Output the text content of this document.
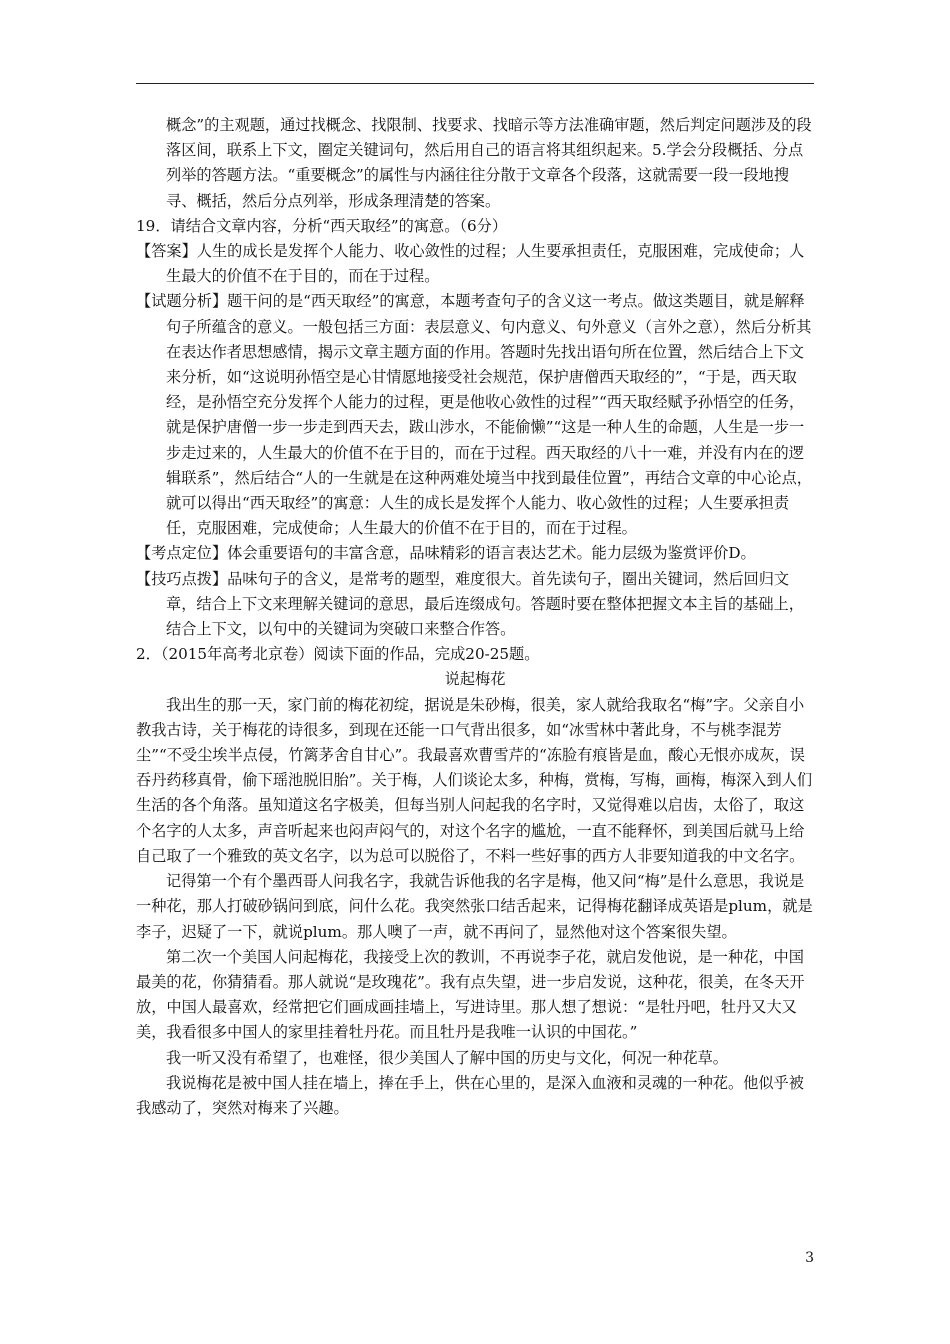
概念”的主观题，通过找概念、找限制、找要求、找暗示等方法准确审题，然后判定问题涉及的段落区间，联系上下文，圈定关键词句，然后用自己的语言将其组织起来。5.学会分段概括、分点列举的答题方法。“重要概念”的属性与内涵往往分散于文章各个段落，这就需要一段一段地搜寻、概括，然后分点列举，形成条理清楚的答案。

19．请结合文章内容，分析“西天取经”的寓意。（6分）

【答案】人生的成长是发挥个人能力、收心敛性的过程；人生要承担责任，克服困难，完成使命；人生最大的价值不在于目的，而在于过程。

【试题分析】题干问的是“西天取经”的寓意，本题考查句子的含义这一考点。做这类题目，就是解释句子所蕴含的意义。一般包括三方面：表层意义、句内意义、句外意义（言外之意），然后分析其在表达作者思想感情，揭示文章主题方面的作用。答题时先找出语句所在位置，然后结合上下文来分析，如“这说明孙悟空是心甘情愿地接受社会规范，保护唐僧西天取经的”，“于是，西天取经，是孙悟空充分发挥个人能力的过程，更是他收心敛性的过程”“西天取经赋予孙悟空的任务，就是保护唐僧一步一步走到西天去，跋山涉水，不能偷懒”“这是一种人生的命题，人生是一步一步走过来的，人生最大的价值不在于目的，而在于过程。西天取经的八十一难，并没有内在的逻辑联系”，然后结合“人的一生就是在这种两难处境当中找到最佳位置”，再结合文章的中心论点，就可以得出“西天取经”的寓意：人生的成长是发挥个人能力、收心敛性的过程；人生要承担责任，克服困难，完成使命；人生最大的价值不在于目的，而在于过程。

【考点定位】体会重要语句的丰富含意，品味精彩的语言表达艺术。能力层级为鉴赏评价D。

【技巧点拨】品味句子的含义，是常考的题型，难度很大。首先读句子，圈出关键词，然后回归文章，结合上下文来理解关键词的意思，最后连缀成句。答题时要在整体把握文本主旨的基础上，结合上下文，以句中的关键词为突破口来整合作答。

2．（2015年高考北京卷）阅读下面的作品，完成20-25题。

说起梅花

我出生的那一天，家门前的梅花初绽，据说是朱砂梅，很美，家人就给我取名“梅”字。父亲自小教我古诗，关于梅花的诗很多，到现在还能一口气背出很多，如“冰雪林中著此身，不与桃李混芳尘”“不受尘埃半点侵，竹篱茅舍自甘心”。我最喜欢曹雪芹的“冻脸有痕皆是血，酸心无恨亦成灰，误吞丹药移真骨，偷下瑶池脱旧胎”。关于梅，人们谈论太多，种梅，赏梅，写梅，画梅，梅深入到人们生活的各个角落。虽知道这名字极美，但每当别人问起我的名字时，又觉得难以启齿，太俗了，取这个名字的人太多，声音听起来也闷声闷气的，对这个名字的尴尬，一直不能释怀，到美国后就马上给自己取了一个雅致的英文名字，以为总可以脱俗了，不料一些好事的西方人非要知道我的中文名字。

记得第一个有个墨西哥人问我名字，我就告诉他我的名字是梅，他又问“梅”是什么意思，我说是一种花，那人打破砂锅问到底，问什么花。我突然张口结舌起来，记得梅花翻译成英语是plum，就是李子，迟疑了一下，就说plum。那人噢了一声，就不再问了，显然他对这个答案很失望。

第二次一个美国人问起梅花，我接受上次的教训，不再说李子花，就启发他说，是一种花，中国最美的花，你猜猜看。那人就说“是玫瑰花”。我有点失望，进一步启发说，这种花，很美，在冬天开放，中国人最喜欢，经常把它们画成画挂墙上，写进诗里。那人想了想说：“是牡丹吧，牡丹又大又美，我看很多中国人的家里挂着牡丹花。而且牡丹是我唯一认识的中国花。”

我一听又没有希望了，也难怪，很少美国人了解中国的历史与文化，何况一种花草。

我说梅花是被中国人挂在墙上，捧在手上，供在心里的，是深入血液和灵魂的一种花。他似乎被我感动了，突然对梅来了兴趣。

3
